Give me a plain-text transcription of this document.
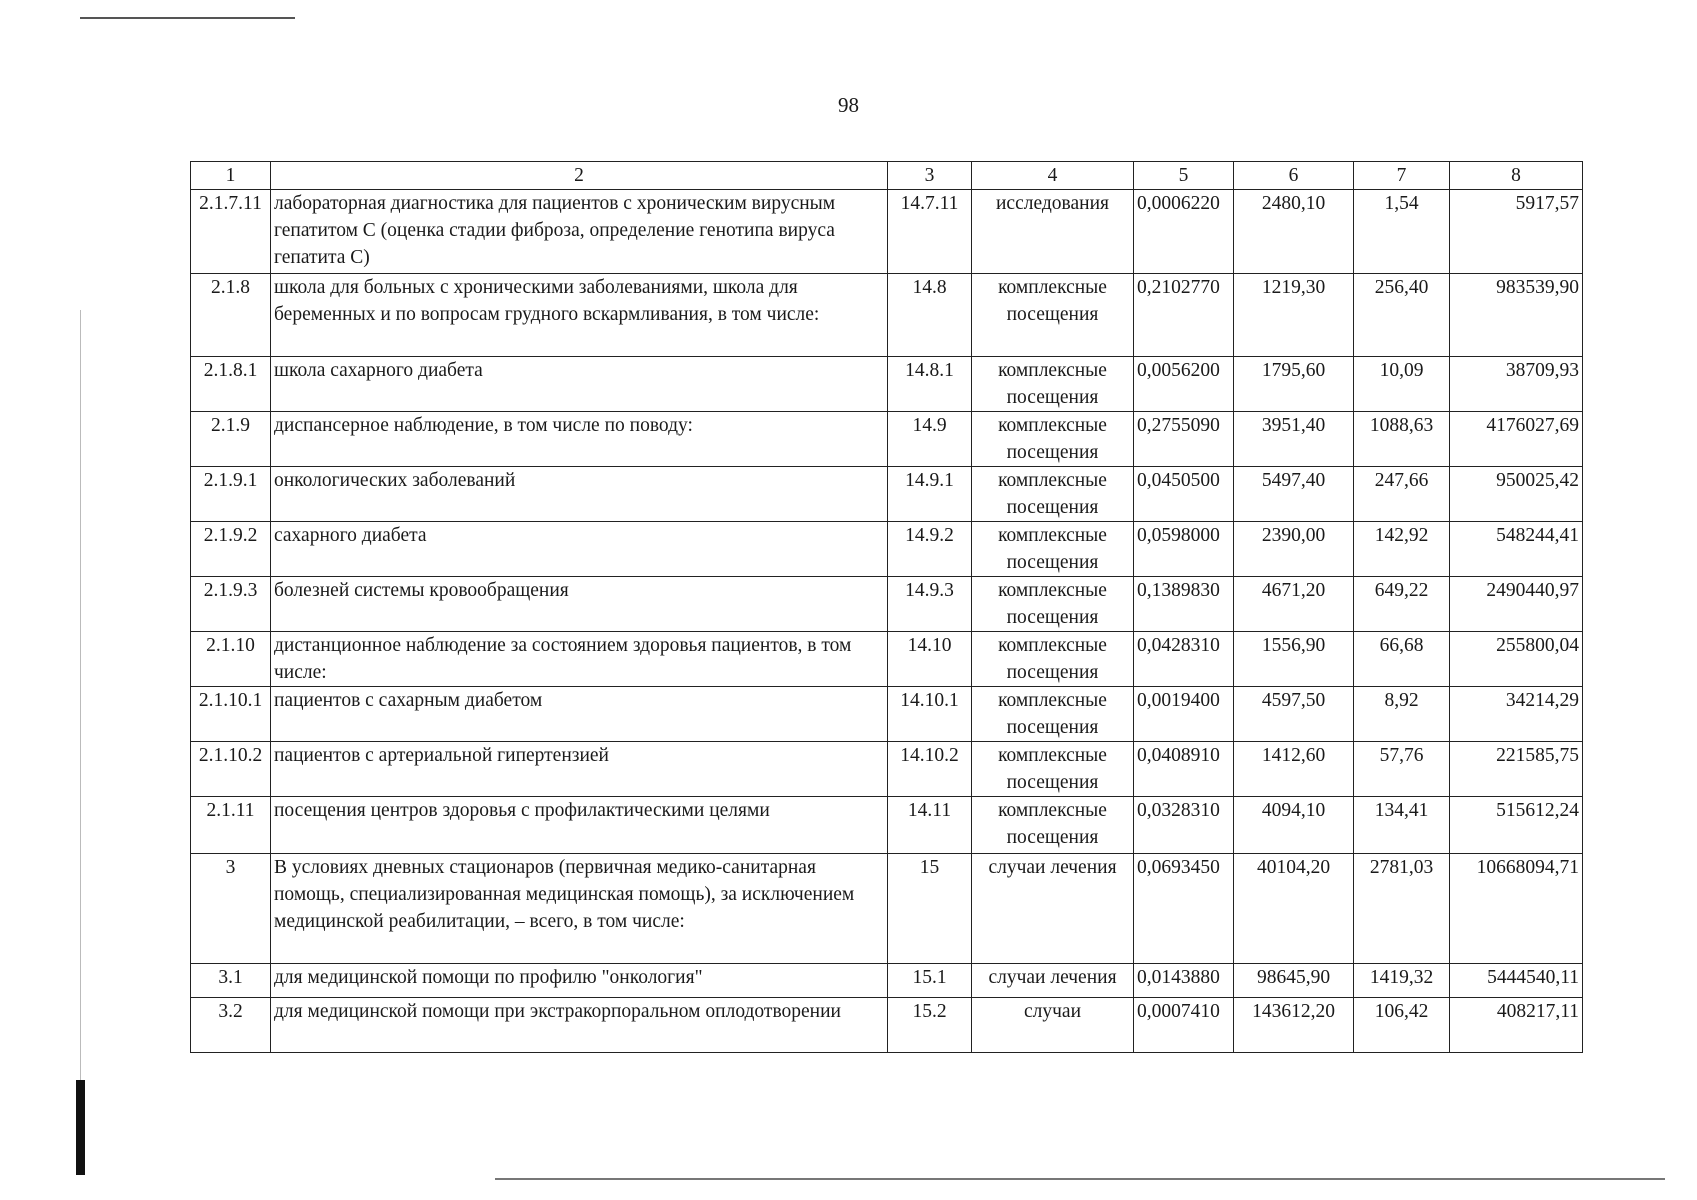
98
1	2	3	4	5	6	7	8
2.1.7.11	лабораторная диагностика для пациентов с хроническим вирусным гепатитом С (оценка стадии фиброза, определение генотипа вируса гепатита С)	14.7.11	исследования	0,0006220	2480,10	1,54	5917,57
2.1.8	школа для больных с хроническими заболеваниями, школа для беременных и по вопросам грудного вскармливания, в том числе:	14.8	комплексные посещения	0,2102770	1219,30	256,40	983539,90
2.1.8.1	школа сахарного диабета	14.8.1	комплексные посещения	0,0056200	1795,60	10,09	38709,93
2.1.9	диспансерное наблюдение, в том числе по поводу:	14.9	комплексные посещения	0,2755090	3951,40	1088,63	4176027,69
2.1.9.1	онкологических заболеваний	14.9.1	комплексные посещения	0,0450500	5497,40	247,66	950025,42
2.1.9.2	сахарного диабета	14.9.2	комплексные посещения	0,0598000	2390,00	142,92	548244,41
2.1.9.3	болезней системы кровообращения	14.9.3	комплексные посещения	0,1389830	4671,20	649,22	2490440,97
2.1.10	дистанционное наблюдение за состоянием здоровья пациентов, в том числе:	14.10	комплексные посещения	0,0428310	1556,90	66,68	255800,04
2.1.10.1	пациентов с сахарным диабетом	14.10.1	комплексные посещения	0,0019400	4597,50	8,92	34214,29
2.1.10.2	пациентов с артериальной гипертензией	14.10.2	комплексные посещения	0,0408910	1412,60	57,76	221585,75
2.1.11	посещения центров здоровья с профилактическими целями	14.11	комплексные посещения	0,0328310	4094,10	134,41	515612,24
3	В условиях дневных стационаров (первичная медико-санитарная помощь, специализированная медицинская помощь), за исключением медицинской реабилитации, – всего, в том числе:	15	случаи лечения	0,0693450	40104,20	2781,03	10668094,71
3.1	для медицинской помощи по профилю "онкология"	15.1	случаи лечения	0,0143880	98645,90	1419,32	5444540,11
3.2	для медицинской помощи при экстракорпоральном оплодотворении	15.2	случаи	0,0007410	143612,20	106,42	408217,11
